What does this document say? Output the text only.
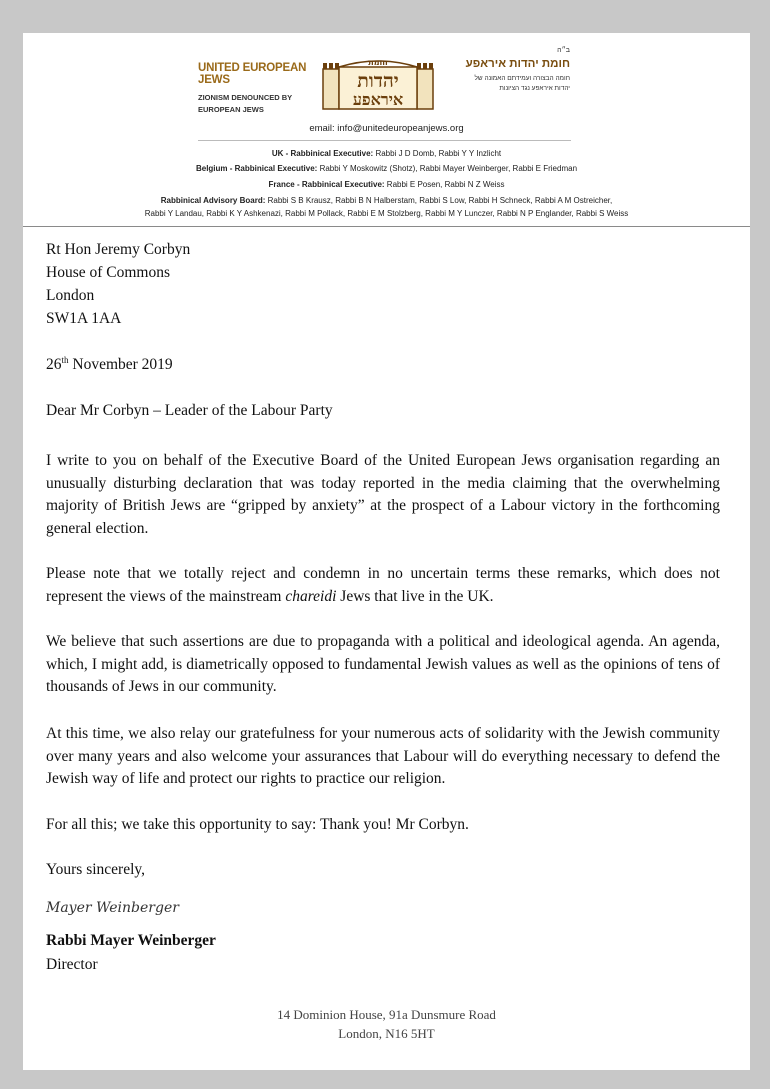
UNITED EUROPEAN JEWS
ZIONISM DENOUNCED BY
EUROPEAN JEWS
חומת
יהדות
איראפע
ב״ה
חומת יהדות איראפע
חומה הבצורה ועמידתם האמונה של
יהדות איראפע נגד הציונות
email: info@unitedeuropeanjews.org
UK - Rabbinical Executive: Rabbi J D Domb, Rabbi Y Y Inzlicht
Belgium - Rabbinical Executive: Rabbi Y Moskowitz (Shotz), Rabbi Mayer Weinberger, Rabbi E Friedman
France - Rabbinical Executive: Rabbi E Posen, Rabbi N Z Weiss
Rabbinical Advisory Board: Rabbi S B Krausz, Rabbi B N Halberstam, Rabbi S Low, Rabbi H Schneck, Rabbi A M Ostreicher,
Rabbi Y Landau, Rabbi K Y Ashkenazi, Rabbi M Pollack, Rabbi E M Stolzberg, Rabbi M Y Lunczer, Rabbi N P Englander, Rabbi S Weiss
Rt Hon Jeremy Corbyn
House of Commons
London
SW1A 1AA
26th November 2019
Dear Mr Corbyn – Leader of the Labour Party
I write to you on behalf of the Executive Board of the United European Jews organisation regarding an unusually disturbing declaration that was today reported in the media claiming that the overwhelming majority of British Jews are “gripped by anxiety” at the prospect of a Labour victory in the forthcoming general election.
Please note that we totally reject and condemn in no uncertain terms these remarks, which does not represent the views of the mainstream chareidi Jews that live in the UK.
We believe that such assertions are due to propaganda with a political and ideological agenda. An agenda, which, I might add, is diametrically opposed to fundamental Jewish values as well as the opinions of tens of thousands of Jews in our community.
At this time, we also relay our gratefulness for your numerous acts of solidarity with the Jewish community over many years and also welcome your assurances that Labour will do everything necessary to defend the Jewish way of life and protect our rights to practice our religion.
For all this; we take this opportunity to say: Thank you! Mr Corbyn.
Yours sincerely,
Mayer Weinberger
Rabbi Mayer Weinberger
Director
14 Dominion House, 91a Dunsmure Road
London, N16 5HT
